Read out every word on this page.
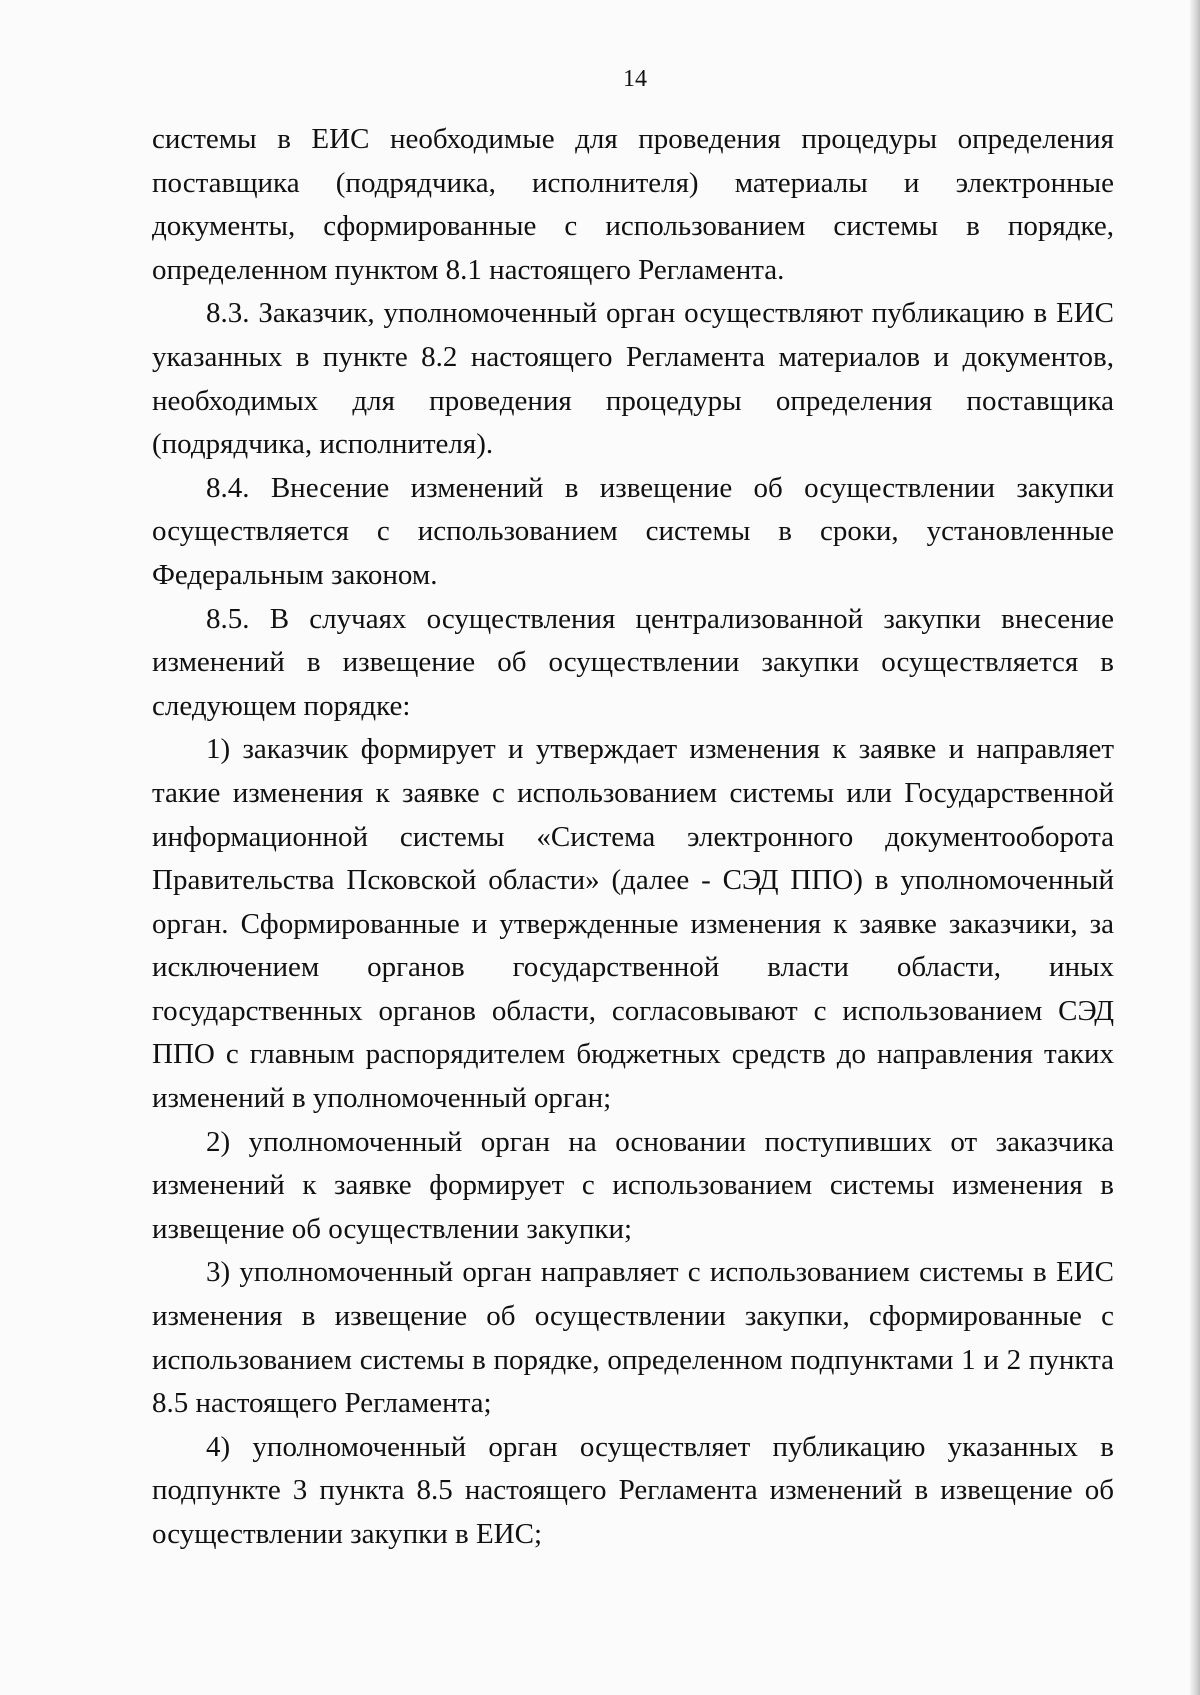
14

системы в ЕИС необходимые для проведения процедуры определения поставщика (подрядчика, исполнителя) материалы и электронные документы, сформированные с использованием системы в порядке, определенном пунктом 8.1 настоящего Регламента.

8.3. Заказчик, уполномоченный орган осуществляют публикацию в ЕИС указанных в пункте 8.2 настоящего Регламента материалов и документов, необходимых для проведения процедуры определения поставщика (подрядчика, исполнителя).

8.4. Внесение изменений в извещение об осуществлении закупки осуществляется с использованием системы в сроки, установленные Федеральным законом.

8.5. В случаях осуществления централизованной закупки внесение изменений в извещение об осуществлении закупки осуществляется в следующем порядке:

1) заказчик формирует и утверждает изменения к заявке и направляет такие изменения к заявке с использованием системы или Государственной информационной системы «Система электронного документооборота Правительства Псковской области» (далее - СЭД ППО) в уполномоченный орган. Сформированные и утвержденные изменения к заявке заказчики, за исключением органов государственной власти области, иных государственных органов области, согласовывают с использованием СЭД ППО с главным распорядителем бюджетных средств до направления таких изменений в уполномоченный орган;

2) уполномоченный орган на основании поступивших от заказчика изменений к заявке формирует с использованием системы изменения в извещение об осуществлении закупки;

3) уполномоченный орган направляет с использованием системы в ЕИС изменения в извещение об осуществлении закупки, сформированные с использованием системы в порядке, определенном подпунктами 1 и 2 пункта 8.5 настоящего Регламента;

4) уполномоченный орган осуществляет публикацию указанных в подпункте 3 пункта 8.5 настоящего Регламента изменений в извещение об осуществлении закупки в ЕИС;
